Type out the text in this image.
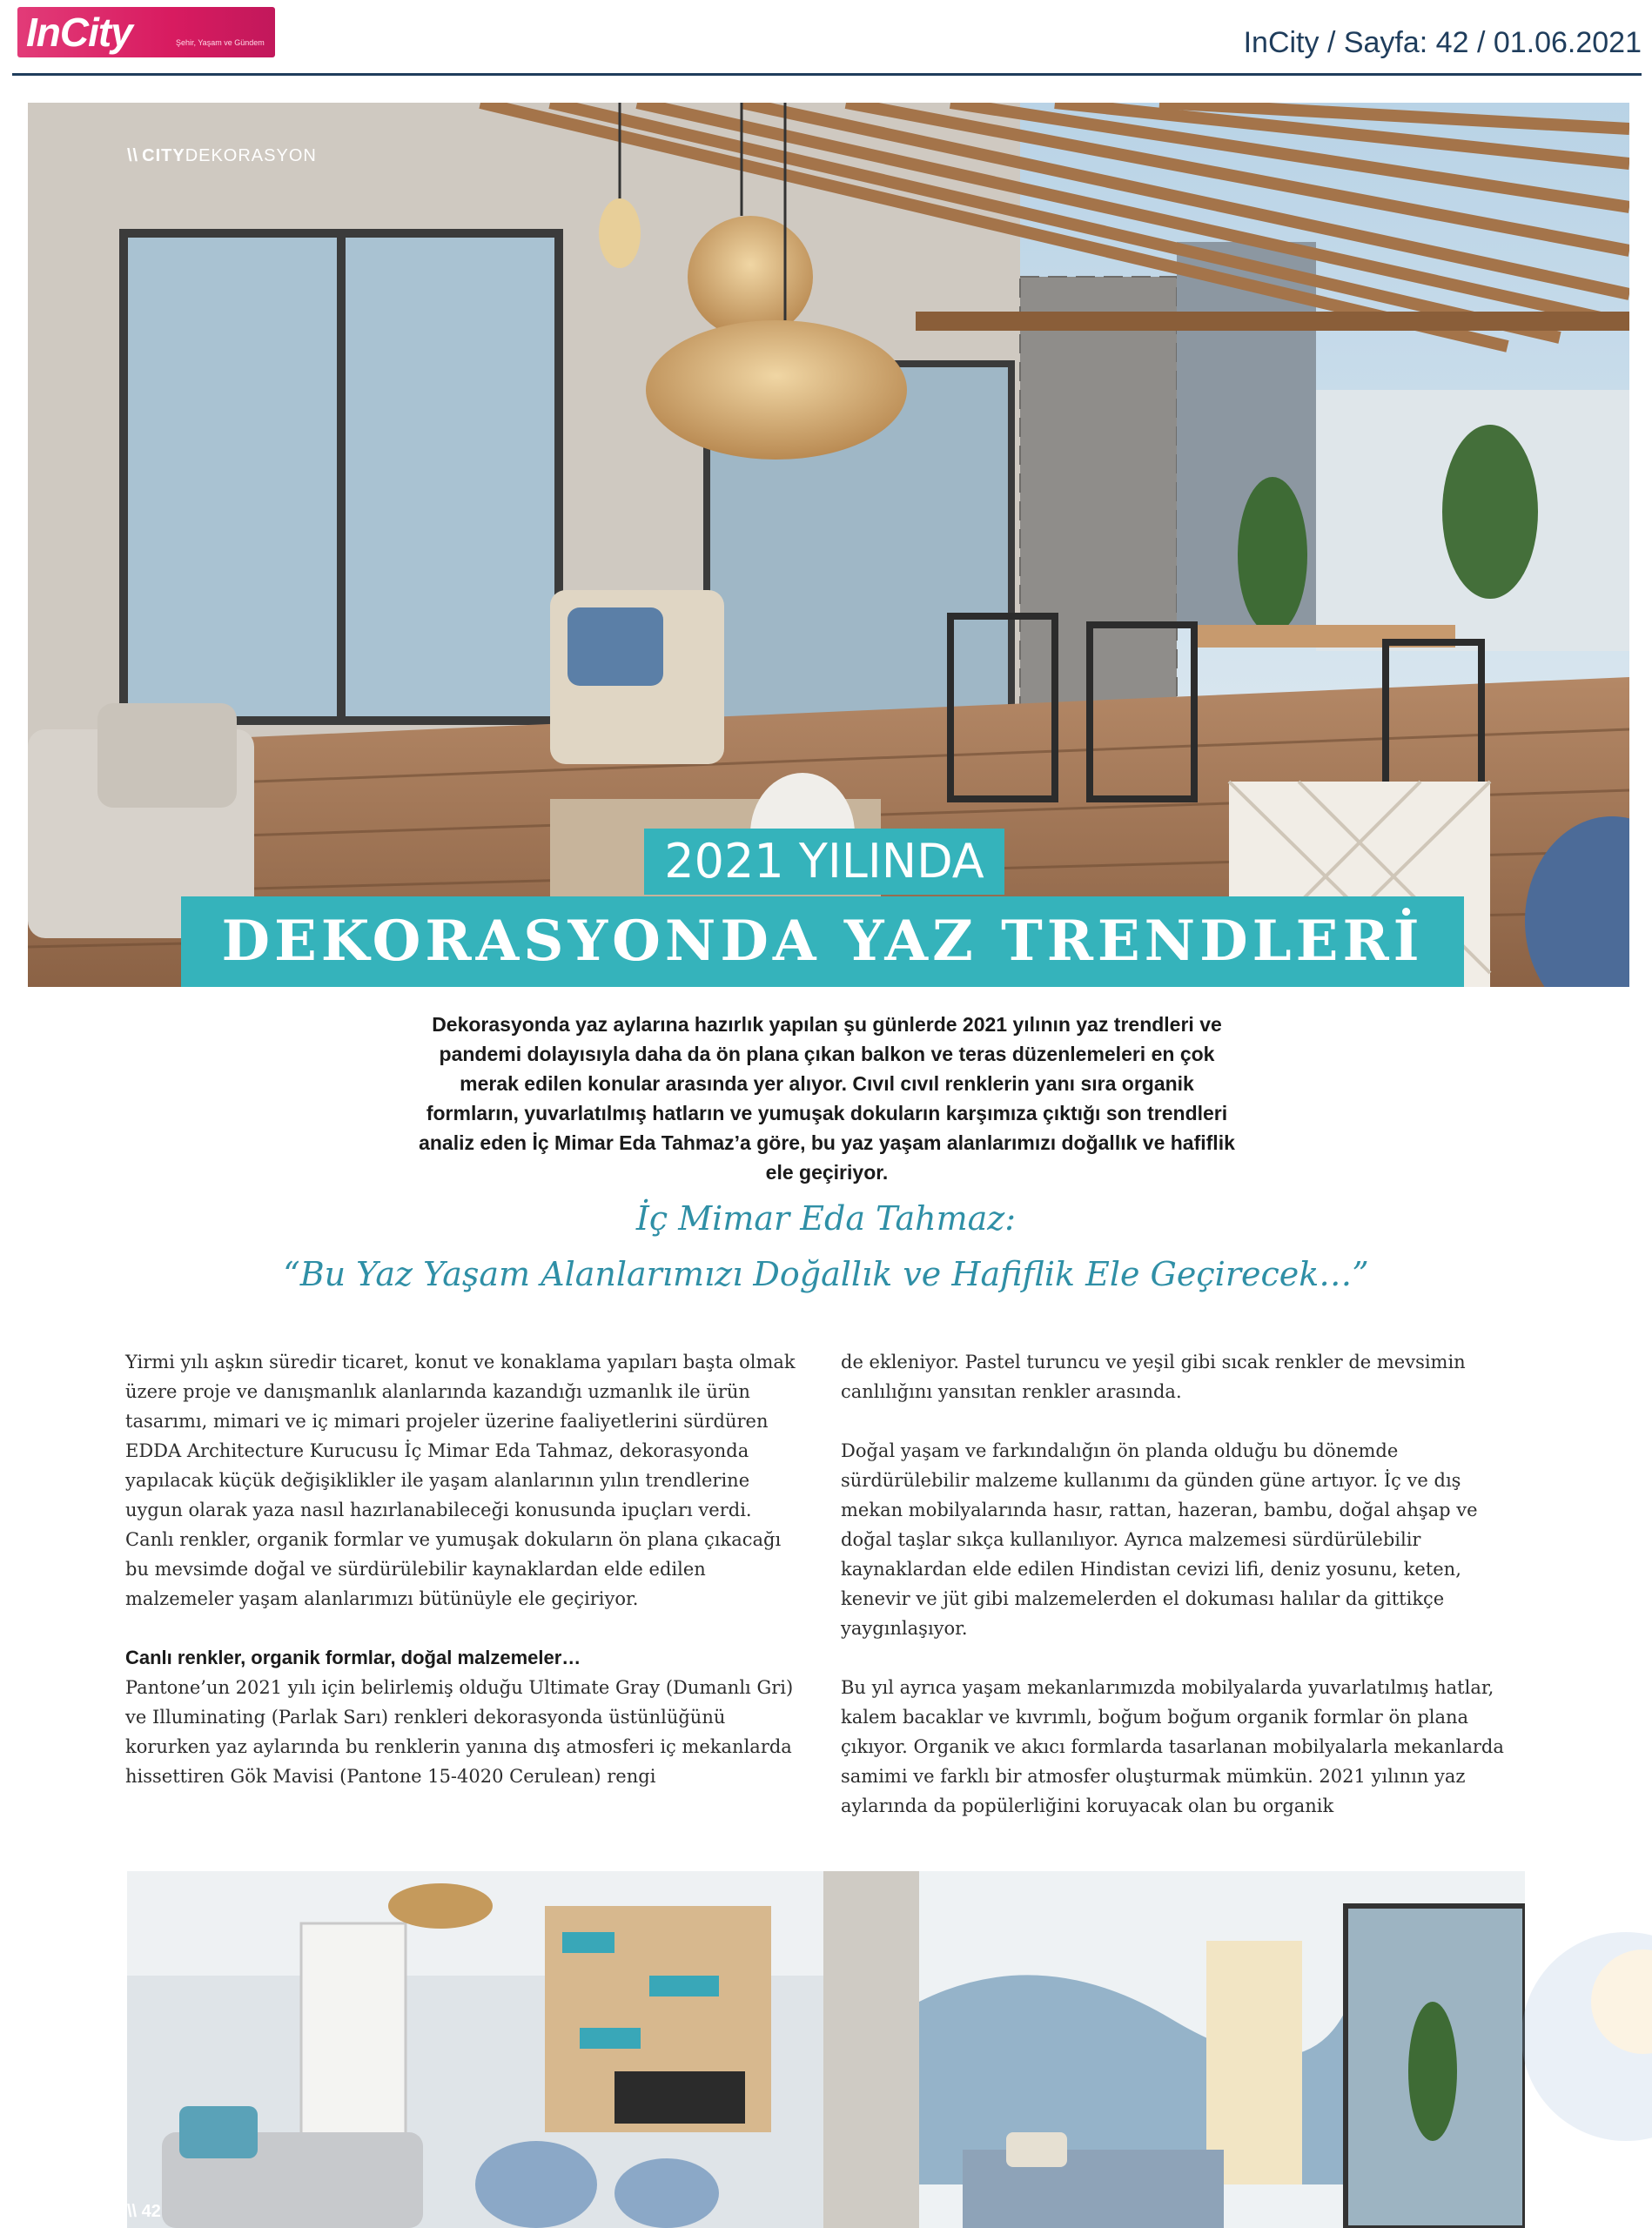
InCity	Şehir, Yaşam ve Gündem	InCity / Sayfa: 42 / 01.06.2021
\\ CITYDEKORASYON
2021 YILINDA
DEKORASYONDA YAZ TRENDLERİ
Dekorasyonda yaz aylarına hazırlık yapılan şu günlerde 2021 yılının yaz trendleri ve pandemi dolayısıyla daha da ön plana çıkan balkon ve teras düzenlemeleri en çok merak edilen konular arasında yer alıyor. Cıvıl cıvıl renklerin yanı sıra organik formların, yuvarlatılmış hatların ve yumuşak dokuların karşımıza çıktığı son trendleri analiz eden İç Mimar Eda Tahmaz’a göre, bu yaz yaşam alanlarımızı doğallık ve hafiflik ele geçiriyor.
İç Mimar Eda Tahmaz:
“Bu Yaz Yaşam Alanlarımızı Doğallık ve Hafiflik Ele Geçirecek…”

Yirmi yılı aşkın süredir ticaret, konut ve konaklama yapıları başta olmak üzere proje ve danışmanlık alanlarında kazandığı uzmanlık ile ürün tasarımı, mimari ve iç mimari projeler üzerine faaliyetlerini sürdüren EDDA Architecture Kurucusu İç Mimar Eda Tahmaz, dekorasyonda yapılacak küçük değişiklikler ile yaşam alanlarının yılın trendlerine uygun olarak yaza nasıl hazırlanabileceği konusunda ipuçları verdi. Canlı renkler, organik formlar ve yumuşak dokuların ön plana çıkacağı bu mevsimde doğal ve sürdürülebilir kaynaklardan elde edilen malzemeler yaşam alanlarımızı bütünüyle ele geçiriyor.

Canlı renkler, organik formlar, doğal malzemeler…
Pantone’un 2021 yılı için belirlemiş olduğu Ultimate Gray (Dumanlı Gri) ve Illuminating (Parlak Sarı) renkleri dekorasyonda üstünlüğünü korurken yaz aylarında bu renklerin yanına dış atmosferi iç mekanlarda hissettiren Gök Mavisi (Pantone 15-4020 Cerulean) rengi

de ekleniyor. Pastel turuncu ve yeşil gibi sıcak renkler de mevsimin canlılığını yansıtan renkler arasında.

Doğal yaşam ve farkındalığın ön planda olduğu bu dönemde sürdürülebilir malzeme kullanımı da günden güne artıyor. İç ve dış mekan mobilyalarında hasır, rattan, hazeran, bambu, doğal ahşap ve doğal taşlar sıkça kullanılıyor. Ayrıca malzemesi sürdürülebilir kaynaklardan elde edilen Hindistan cevizi lifi, deniz yosunu, keten, kenevir ve jüt gibi malzemelerden el dokuması halılar da gittikçe yaygınlaşıyor.

Bu yıl ayrıca yaşam mekanlarımızda mobilyalarda yuvarlatılmış hatlar, kalem bacaklar ve kıvrımlı, boğum boğum organik formlar ön plana çıkıyor. Organik ve akıcı formlarda tasarlanan mobilyalarla mekanlarda samimi ve farklı bir atmosfer oluşturmak mümkün. 2021 yılının yaz aylarında da popülerliğini koruyacak olan bu organik

\\ 42
